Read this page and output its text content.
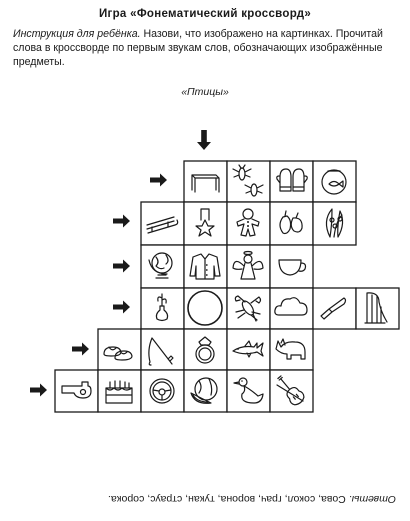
Игра «Фонематический кроссворд»
Инструкция для ребёнка. Назови, что изображено на картинках. Прочитай слова в кроссворде по первым звукам слов, обозначающих изображённые предметы.
«Птицы»
Ответы. Сова, сокол, грач, ворона, тукан, страус, сорока.
